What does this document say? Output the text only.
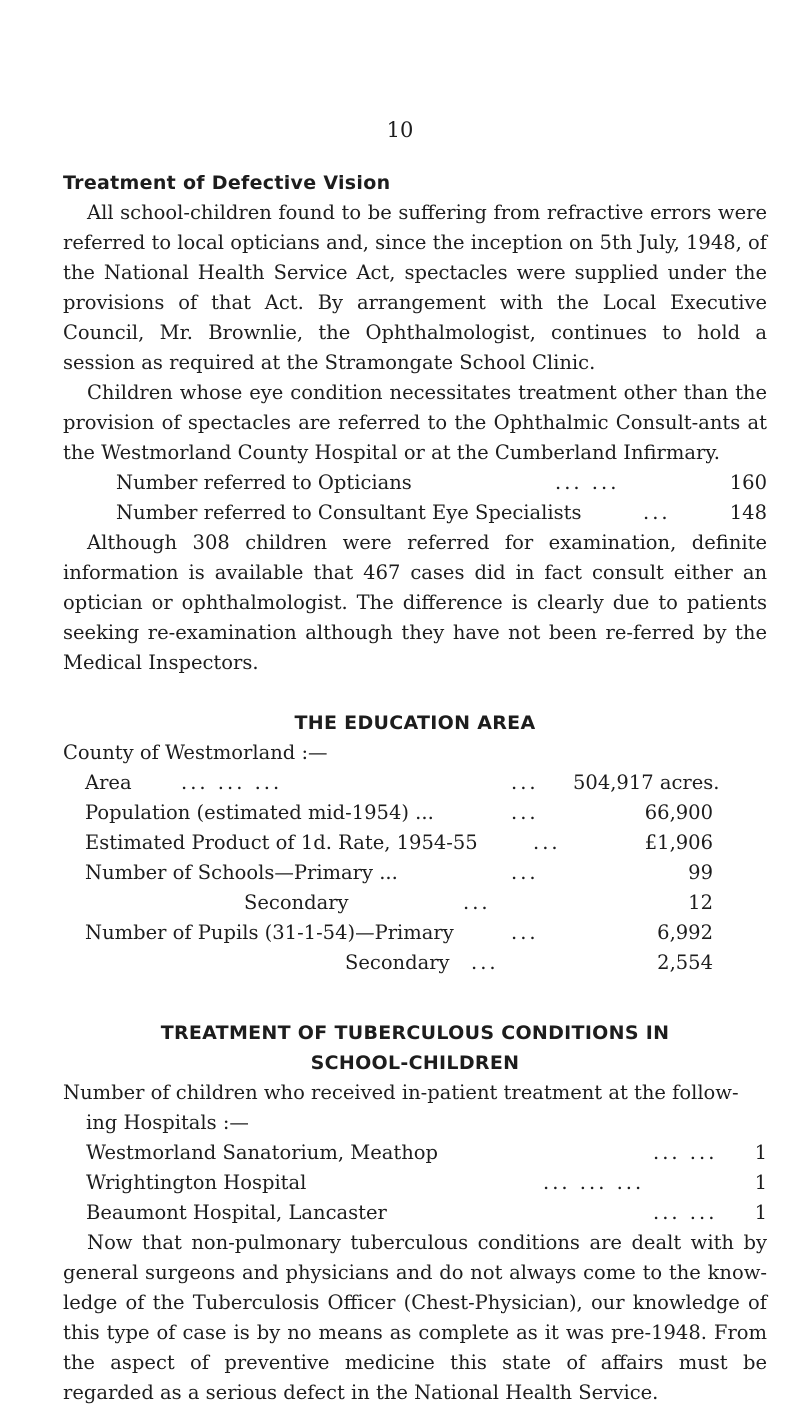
10
Treatment of Defective Vision

All school-children found to be suffering from refractive errors were referred to local opticians and, since the inception on 5th July, 1948, of the National Health Service Act, spectacles were supplied under the provisions of that Act. By arrangement with the Local Executive Council, Mr. Brownlie, the Ophthalmologist, continues to hold a session as required at the Stramongate School Clinic.

Children whose eye condition necessitates treatment other than the provision of spectacles are referred to the Ophthalmic Consult-ants at the Westmorland County Hospital or at the Cumberland Infirmary.

Number referred to Opticians	... ...	160
Number referred to Consultant Eye Specialists	...	148

Although 308 children were referred for examination, definite information is available that 467 cases did in fact consult either an optician or ophthalmologist. The difference is clearly due to patients seeking re-examination although they have not been re-ferred by the Medical Inspectors.

THE EDUCATION AREA
County of Westmorland :—
Area	... ... ...	... 504,917 acres.
Population (estimated mid-1954) ...	...	66,900
Estimated Product of 1d. Rate, 1954-55	...	£1,906
Number of Schools—Primary ...	...	99
Secondary	...	12
Number of Pupils (31-1-54)—Primary	...	6,992
Secondary ...	2,554
TREATMENT OF TUBERCULOUS CONDITIONS IN
SCHOOL-CHILDREN
Number of children who received in-patient treatment at the follow-
ing Hospitals :—
Westmorland Sanatorium, Meathop	... ... 1
Wrightington Hospital	... ... ...	1
Beaumont Hospital, Lancaster	... ... 1

Now that non-pulmonary tuberculous conditions are dealt with by general surgeons and physicians and do not always come to the know-ledge of the Tuberculosis Officer (Chest-Physician), our knowledge of this type of case is by no means as complete as it was pre-1948. From the aspect of preventive medicine this state of affairs must be regarded as a serious defect in the National Health Service.
